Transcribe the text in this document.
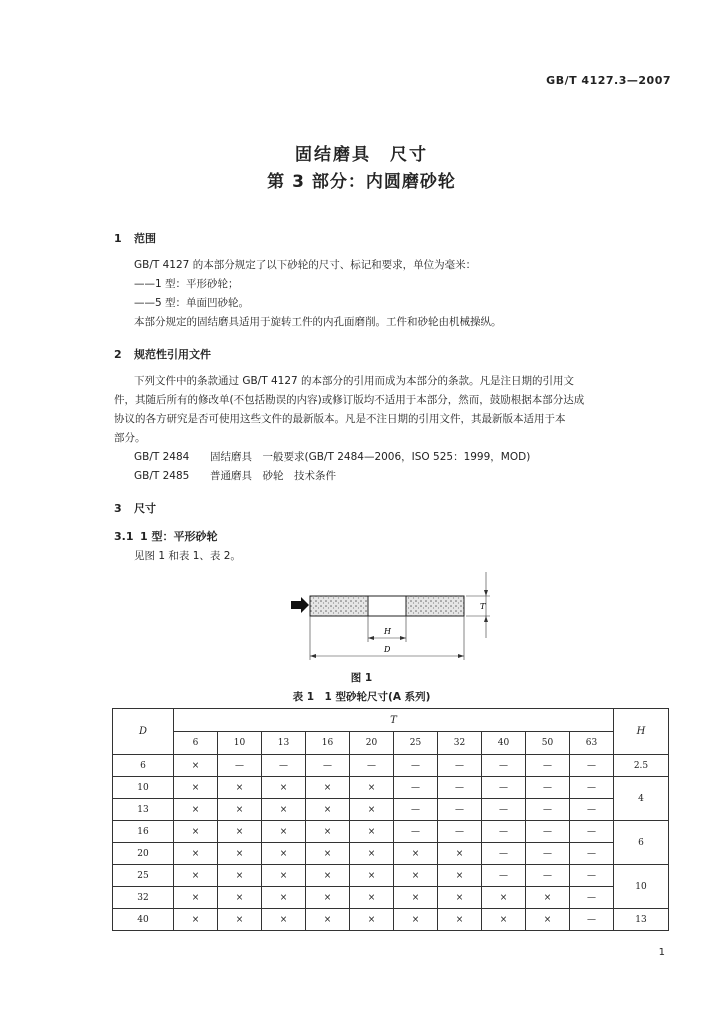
GB/T 4127.3—2007
固结磨具　尺寸
第 3 部分：内圆磨砂轮
1 范围
GB/T 4127 的本部分规定了以下砂轮的尺寸、标记和要求，单位为毫米：
——1 型：平形砂轮；
——5 型：单面凹砂轮。
本部分规定的固结磨具适用于旋转工件的内孔面磨削。工件和砂轮由机械操纵。
2 规范性引用文件
下列文件中的条款通过 GB/T 4127 的本部分的引用而成为本部分的条款。凡是注日期的引用文
件，其随后所有的修改单(不包括勘误的内容)或修订版均不适用于本部分，然而，鼓励根据本部分达成
协议的各方研究是否可使用这些文件的最新版本。凡是不注日期的引用文件，其最新版本适用于本
部分。
GB/T 2484 固结磨具　一般要求(GB/T 2484—2006，ISO 525：1999，MOD)
GB/T 2485 普通磨具　砂轮　技术条件
3 尺寸
3.1 1 型：平形砂轮
见图 1 和表 1、表 2。
T
H
D
图 1
表 1　1 型砂轮尺寸(A 系列)
D	T										H
	6	10	13	16	20	25	32	40	50	63	
6	×	—	—	—	—	—	—	—	—	—	2.5
10	×	×	×	×	×	—	—	—	—	—	4
13	×	×	×	×	×	—	—	—	—	—	
16	×	×	×	×	×	—	—	—	—	—	6
20	×	×	×	×	×	×	×	—	—	—	
25	×	×	×	×	×	×	×	—	—	—	10
32	×	×	×	×	×	×	×	×	×	—	
40	×	×	×	×	×	×	×	×	×	—	13
1
